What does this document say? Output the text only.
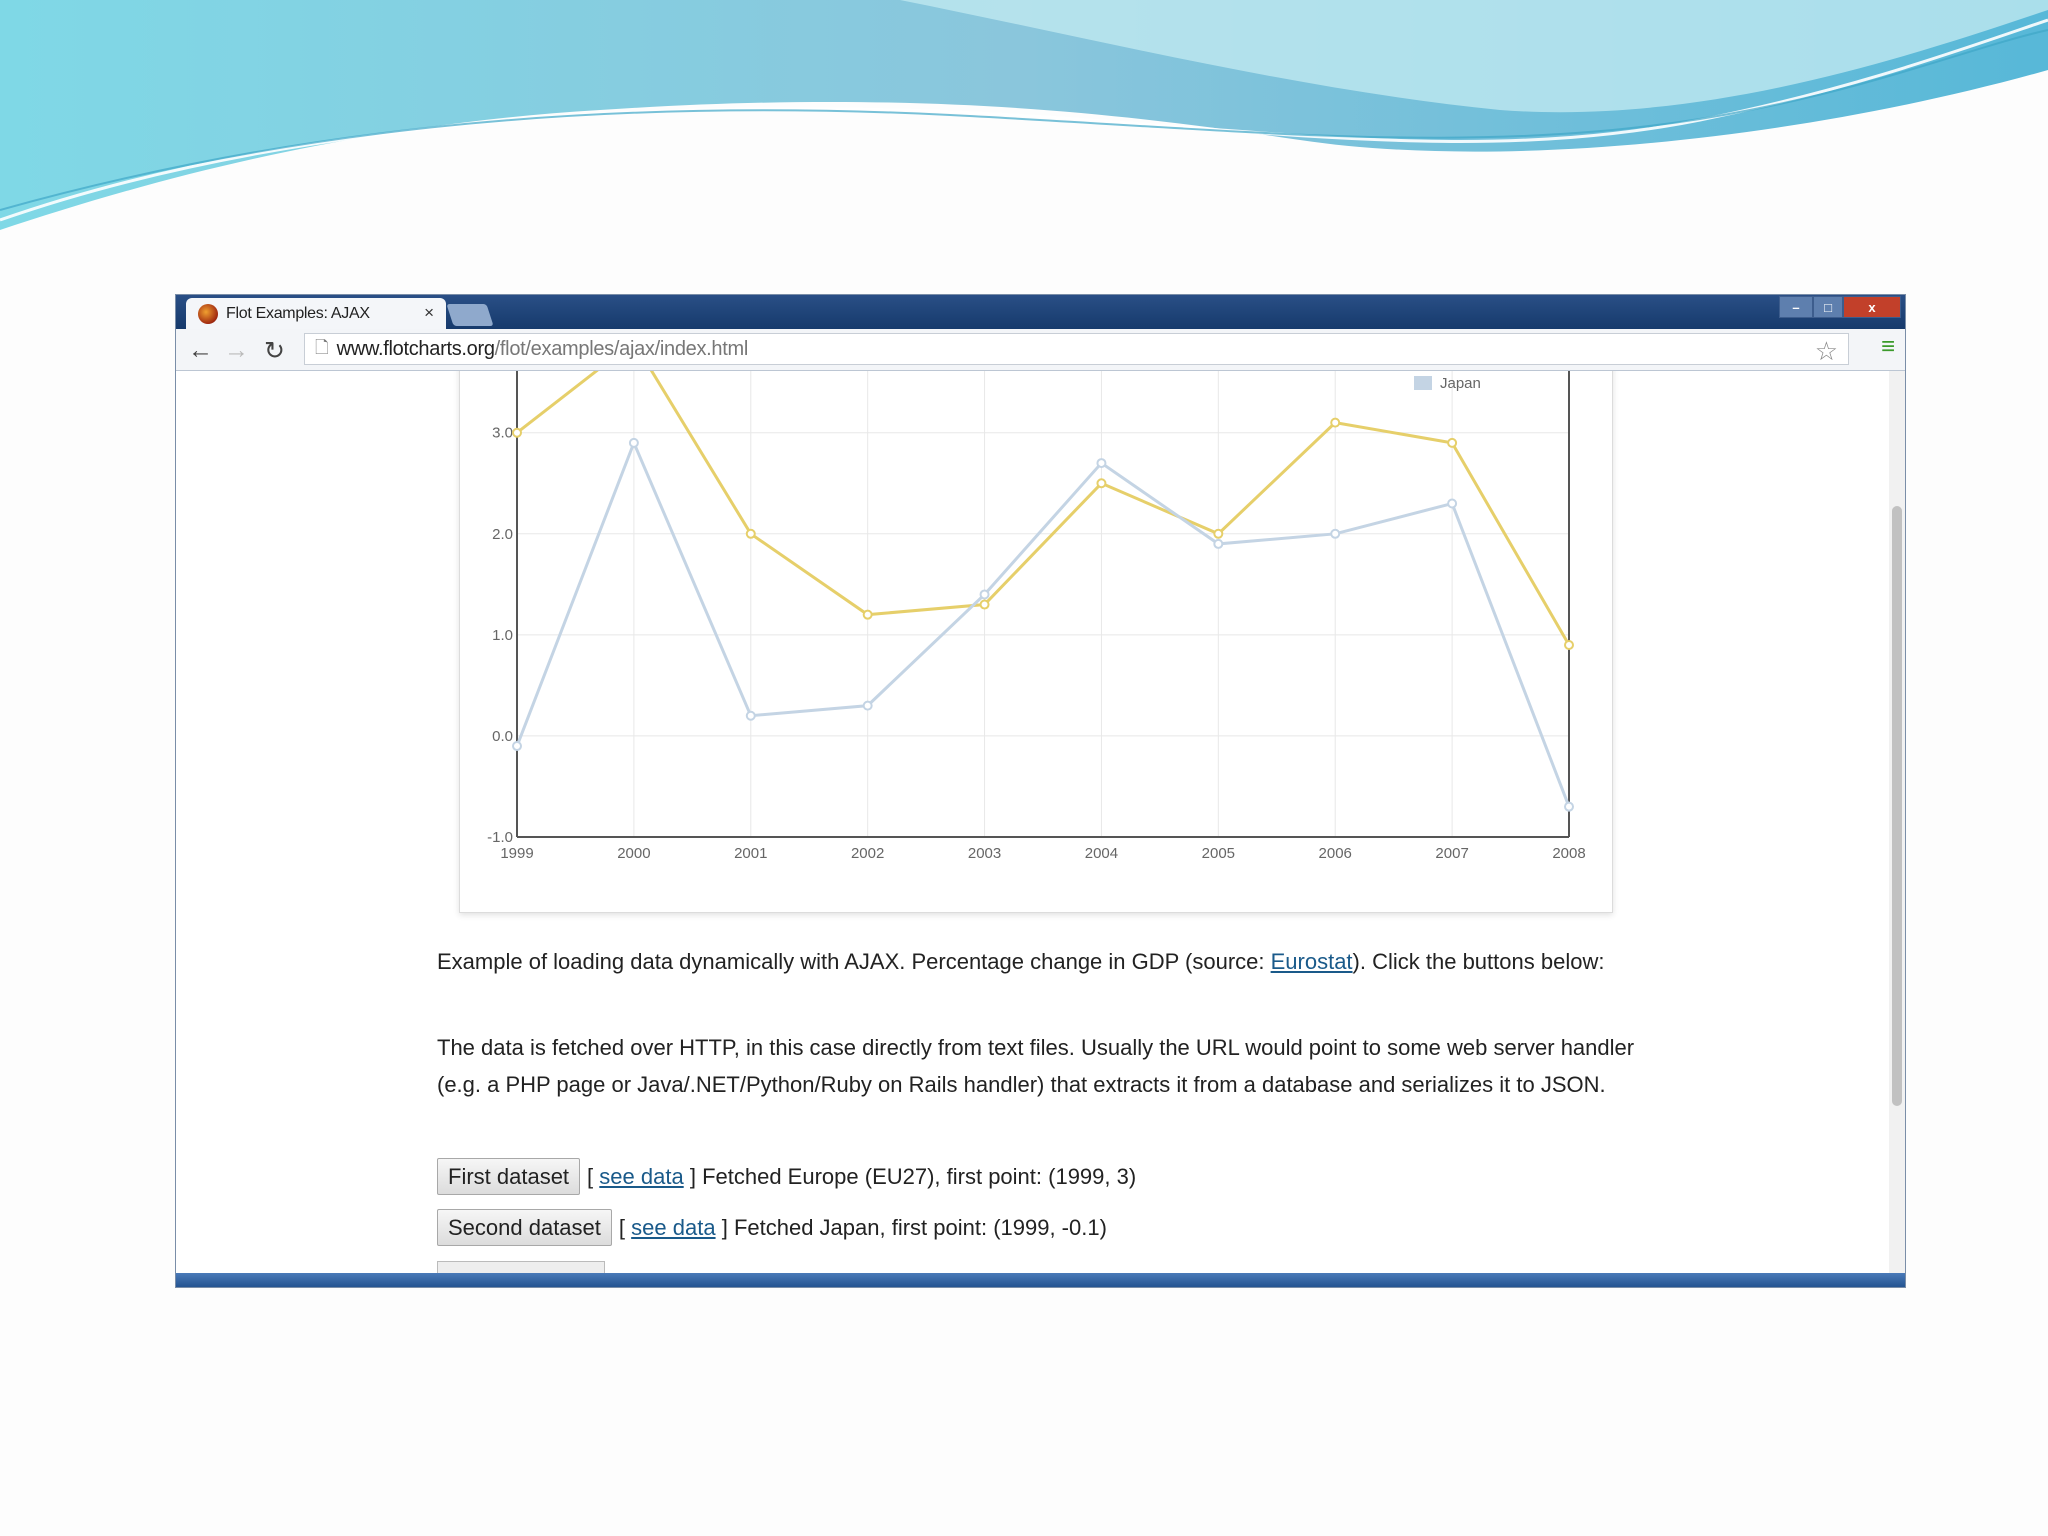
Flot Examples: AJAX	×	–	□	x
← → ↻ 🗋 www.flotcharts.org /flot/examples/ajax/index.html	☆ ≡
1999	2000	2001	2002	2003	2004	2005	2006	2007	2008
-1.0
0.0
1.0
2.0
3.0
Japan
Example of loading data dynamically with AJAX. Percentage change in GDP (source: Eurostat). Click the buttons below:
The data is fetched over HTTP, in this case directly from text files. Usually the URL would point to some web server handler (e.g. a PHP page or Java/.NET/Python/Ruby on Rails handler) that extracts it from a database and serializes it to JSON.
First dataset [
see data
]
Fetched Europe (EU27), first point: (1999, 3)
Second dataset [
see data
]
Fetched Japan, first point: (1999, -0.1)
